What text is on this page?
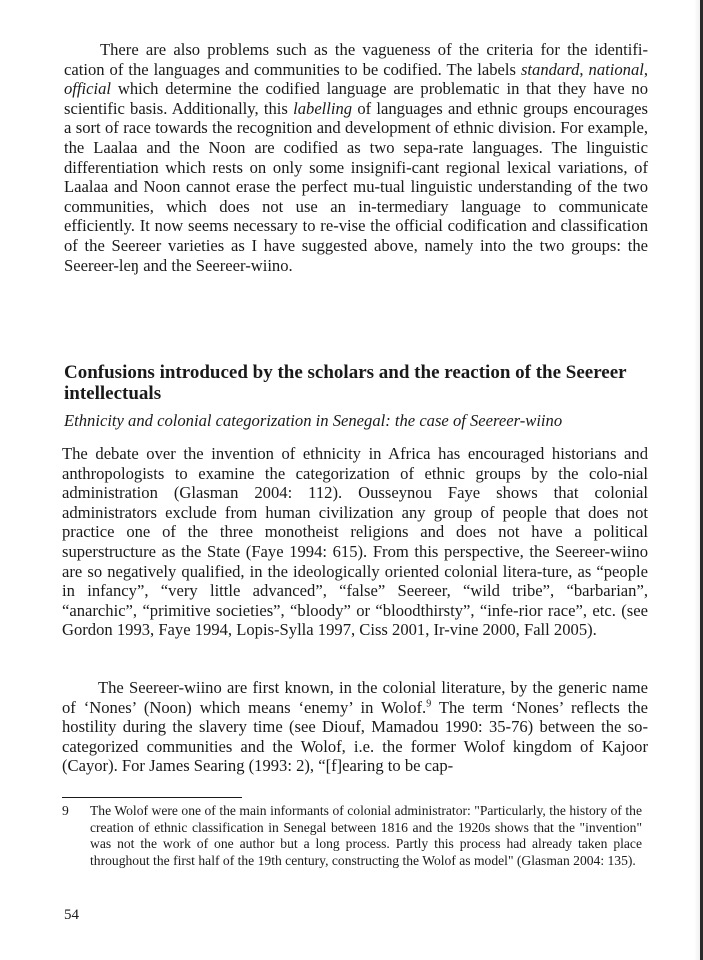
There are also problems such as the vagueness of the criteria for the identifi-cation of the languages and communities to be codified. The labels standard, national, official which determine the codified language are problematic in that they have no scientific basis. Additionally, this labelling of languages and ethnic groups encourages a sort of race towards the recognition and development of ethnic division. For example, the Laalaa and the Noon are codified as two sepa-rate languages. The linguistic differentiation which rests on only some insignifi-cant regional lexical variations, of Laalaa and Noon cannot erase the perfect mu-tual linguistic understanding of the two communities, which does not use an in-termediary language to communicate efficiently. It now seems necessary to re-vise the official codification and classification of the Seereer varieties as I have suggested above, namely into the two groups: the Seereer-leŋ and the Seereer-wiino.

Confusions introduced by the scholars and the reaction of the Seereer intellectuals
Ethnicity and colonial categorization in Senegal: the case of Seereer-wiino

The debate over the invention of ethnicity in Africa has encouraged historians and anthropologists to examine the categorization of ethnic groups by the colo-nial administration (Glasman 2004: 112). Ousseynou Faye shows that colonial administrators exclude from human civilization any group of people that does not practice one of the three monotheist religions and does not have a political superstructure as the State (Faye 1994: 615). From this perspective, the Seereer-wiino are so negatively qualified, in the ideologically oriented colonial litera-ture, as “people in infancy”, “very little advanced”, “false” Seereer, “wild tribe”, “barbarian”, “anarchic”, “primitive societies”, “bloody” or “bloodthirsty”, “infe-rior race”, etc. (see Gordon 1993, Faye 1994, Lopis-Sylla 1997, Ciss 2001, Ir-vine 2000, Fall 2005).

The Seereer-wiino are first known, in the colonial literature, by the generic name of ‘Nones’ (Noon) which means ‘enemy’ in Wolof.$^9$ The term ‘Nones’ reflects the hostility during the slavery time (see Diouf, Mamadou 1990: 35-76) between the so-categorized communities and the Wolof, i.e. the former Wolof kingdom of Kajoor (Cayor). For James Searing (1993: 2), “[f]earing to be cap-

9	The Wolof were one of the main informants of colonial administrator: "Particularly, the history of the creation of ethnic classification in Senegal between 1816 and the 1920s shows that the "invention" was not the work of one author but a long process. Partly this process had already taken place throughout the first half of the 19th century, constructing the Wolof as model" (Glasman 2004: 135).
54
